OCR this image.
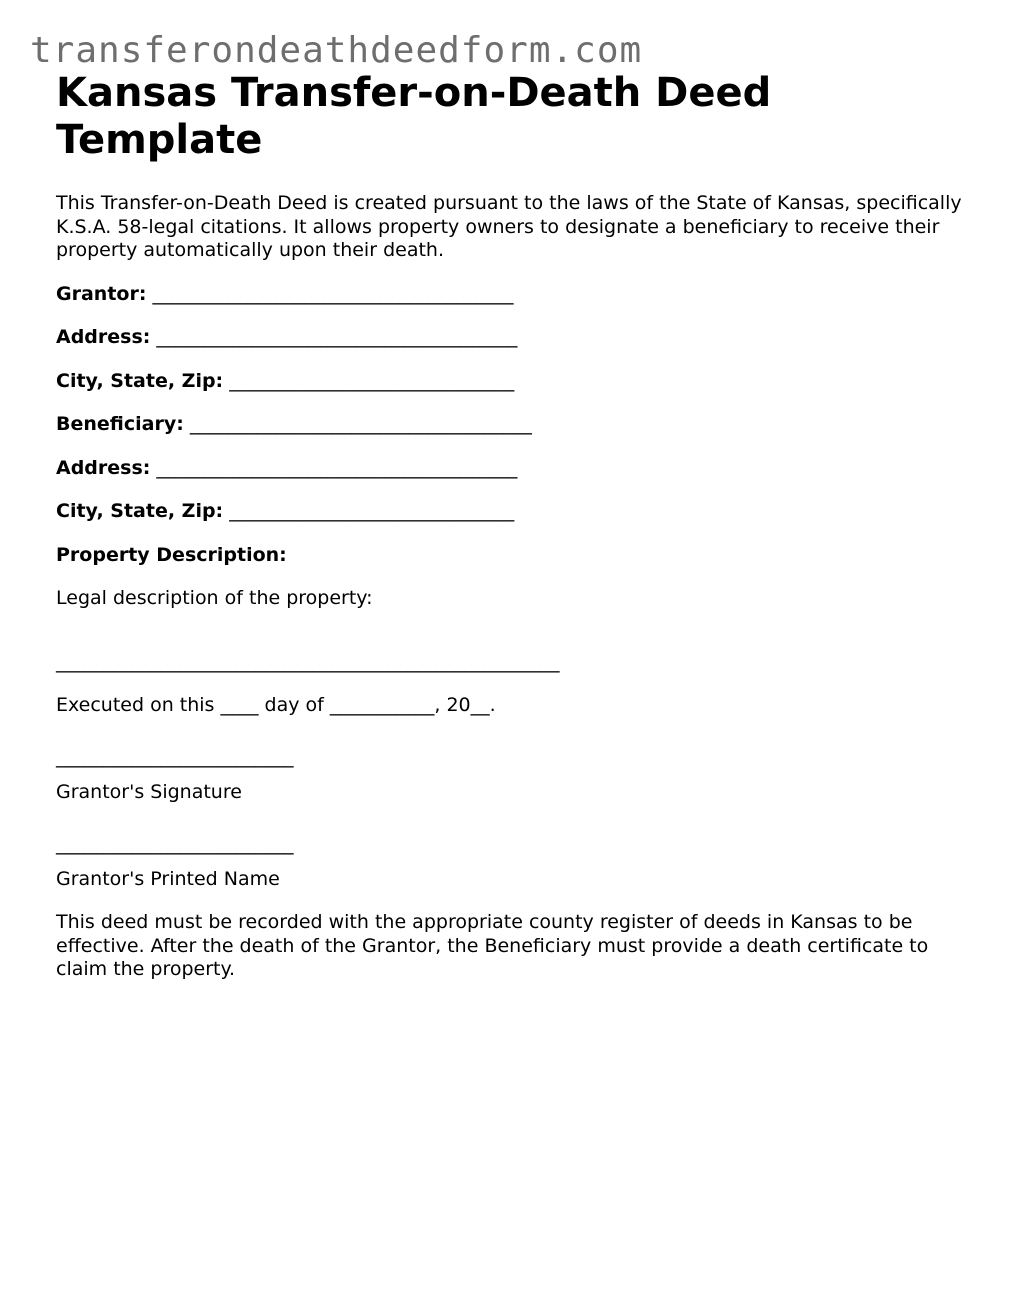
transferondeathdeedform.com
Kansas Transfer-on-Death Deed Template

This Transfer-on-Death Deed is created pursuant to the laws of the State of Kansas, specifically K.S.A. 58-legal citations. It allows property owners to designate a beneficiary to receive their property automatically upon their death.

Grantor: ______________________________________
Address: ______________________________________
City, State, Zip: ______________________________
Beneficiary: ____________________________________
Address: ______________________________________
City, State, Zip: ______________________________
Property Description:
Legal description of the property:
_____________________________________________________
Executed on this ____ day of ___________, 20__.
_________________________
Grantor's Signature
_________________________
Grantor's Printed Name

This deed must be recorded with the appropriate county register of deeds in Kansas to be effective. After the death of the Grantor, the Beneficiary must provide a death certificate to claim the property.
